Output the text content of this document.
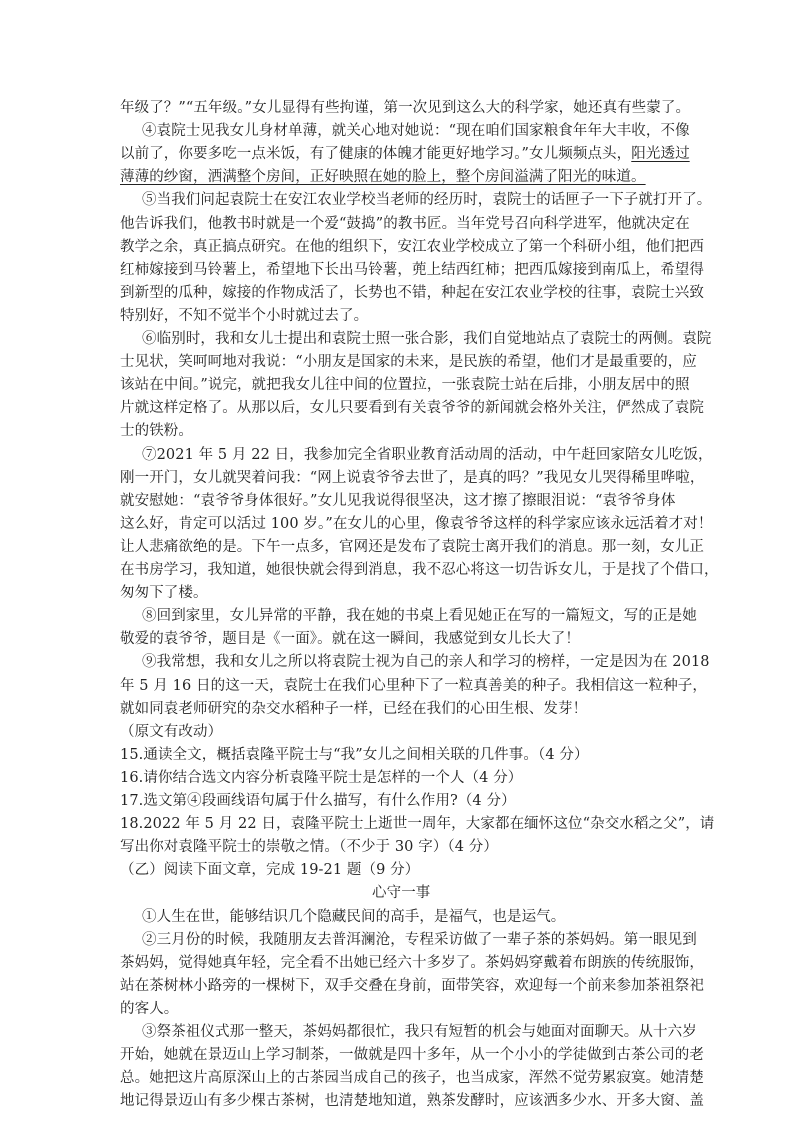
年级了？”“五年级。”女儿显得有些拘谨，第一次见到这么大的科学家，她还真有些蒙了。
④袁院士见我女儿身材单薄，就关心地对她说：“现在咱们国家粮食年年大丰收，不像
以前了，你要多吃一点米饭，有了健康的体魄才能更好地学习。”女儿频频点头，阳光透过
薄薄的纱窗，洒满整个房间，正好映照在她的脸上，整个房间溢满了阳光的味道。
⑤当我们问起袁院士在安江农业学校当老师的经历时，袁院士的话匣子一下子就打开了。
他告诉我们，他教书时就是一个爱“鼓捣”的教书匠。当年党号召向科学进军，他就决定在
教学之余，真正搞点研究。在他的组织下，安江农业学校成立了第一个科研小组，他们把西
红柿嫁接到马铃薯上，希望地下长出马铃薯，蔸上结西红柿；把西瓜嫁接到南瓜上，希望得
到新型的瓜种，嫁接的作物成活了，长势也不错，种起在安江农业学校的往事，袁院士兴致
特别好，不知不觉半个小时就过去了。
⑥临别时，我和女儿士提出和袁院士照一张合影，我们自觉地站点了袁院士的两侧。袁院
士见状，笑呵呵地对我说：“小朋友是国家的未来，是民族的希望，他们才是最重要的，应
该站在中间。”说完，就把我女儿往中间的位置拉，一张袁院士站在后排，小朋友居中的照
片就这样定格了。从那以后，女儿只要看到有关袁爷爷的新闻就会格外关注，俨然成了袁院
士的铁粉。
⑦2021 年 5 月 22 日，我参加完全省职业教育活动周的活动，中午赶回家陪女儿吃饭，
刚一开门，女儿就哭着问我：“网上说袁爷爷去世了，是真的吗？”我见女儿哭得稀里哗啦，
就安慰她：“袁爷爷身体很好。”女儿见我说得很坚决，这才擦了擦眼泪说：“袁爷爷身体
这么好，肯定可以活过 100 岁。”在女儿的心里，像袁爷爷这样的科学家应该永远活着才对！
让人悲痛欲绝的是。下午一点多，官网还是发布了袁院士离开我们的消息。那一刻，女儿正
在书房学习，我知道，她很快就会得到消息，我不忍心将这一切告诉女儿，于是找了个借口，
匆匆下了楼。
⑧回到家里，女儿异常的平静，我在她的书桌上看见她正在写的一篇短文，写的正是她
敬爱的袁爷爷，题目是《一面》。就在这一瞬间，我感觉到女儿长大了！
⑨我常想，我和女儿之所以将袁院士视为自己的亲人和学习的榜样，一定是因为在 2018
年 5 月 16 日的这一天，袁院士在我们心里种下了一粒真善美的种子。我相信这一粒种子，
就如同袁老师研究的杂交水稻种子一样，已经在我们的心田生根、发芽！
（原文有改动）
15.通读全文，概括袁隆平院士与“我”女儿之间相关联的几件事。（4 分）
16.请你结合选文内容分析袁隆平院士是怎样的一个人（4 分）
17.选文第④段画线语句属于什么描写，有什么作用?（4 分）
18.2022 年 5 月 22 日，袁隆平院士上逝世一周年，大家都在缅怀这位“杂交水稻之父”，请
写出你对袁隆平院士的崇敬之情。（不少于 30 字）（4 分）
（乙）阅读下面文章，完成 19-21 题（9 分）
心守一事
①人生在世，能够结识几个隐藏民间的高手，是福气，也是运气。
②三月份的时候，我随朋友去普洱澜沧，专程采访做了一辈子茶的茶妈妈。第一眼见到
茶妈妈，觉得她真年轻，完全看不出她已经六十多岁了。茶妈妈穿戴着布朗族的传统服饰，
站在茶树林小路旁的一棵树下，双手交叠在身前，面带笑容，欢迎每一个前来参加茶祖祭祀
的客人。
③祭茶祖仪式那一整天，茶妈妈都很忙，我只有短暂的机会与她面对面聊天。从十六岁
开始，她就在景迈山上学习制茶，一做就是四十多年，从一个小小的学徒做到古茶公司的老
总。她把这片高原深山上的古茶园当成自己的孩子，也当成家，浑然不觉劳累寂寞。她清楚
地记得景迈山有多少棵古茶树，也清楚地知道，熟茶发酵时，应该洒多少水、开多大窗、盖
